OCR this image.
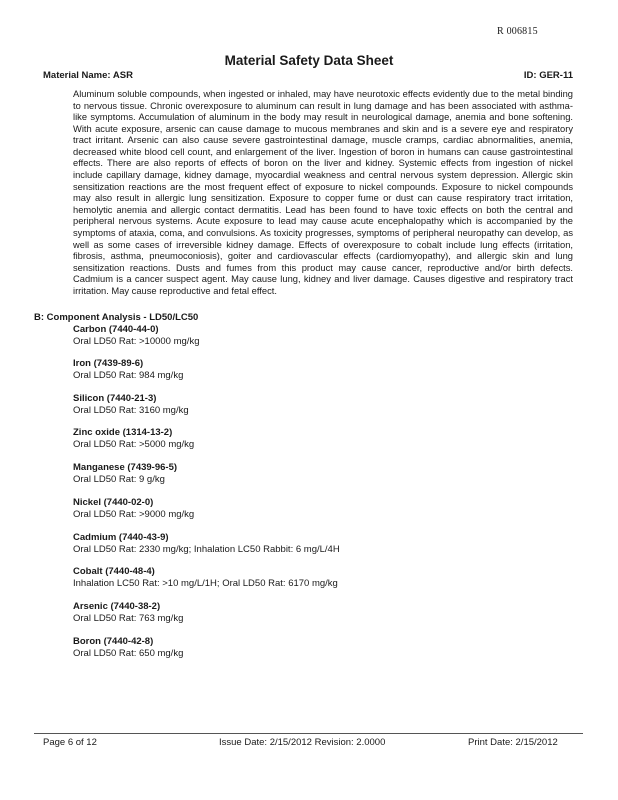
R 006815
Material Safety Data Sheet
Material Name: ASR	ID: GER-11
Aluminum soluble compounds, when ingested or inhaled, may have neurotoxic effects evidently due to the metal binding to nervous tissue. Chronic overexposure to aluminum can result in lung damage and has been associated with asthma-like symptoms. Accumulation of aluminum in the body may result in neurological damage, anemia and bone softening. With acute exposure, arsenic can cause damage to mucous membranes and skin and is a severe eye and respiratory tract irritant. Arsenic can also cause severe gastrointestinal damage, muscle cramps, cardiac abnormalities, anemia, decreased white blood cell count, and enlargement of the liver. Ingestion of boron in humans can cause gastrointestinal effects. There are also reports of effects of boron on the liver and kidney. Systemic effects from ingestion of nickel include capillary damage, kidney damage, myocardial weakness and central nervous system depression. Allergic skin sensitization reactions are the most frequent effect of exposure to nickel compounds. Exposure to nickel compounds may also result in allergic lung sensitization. Exposure to copper fume or dust can cause respiratory tract irritation, hemolytic anemia and allergic contact dermatitis. Lead has been found to have toxic effects on both the central and peripheral nervous systems. Acute exposure to lead may cause acute encephalopathy which is accompanied by the symptoms of ataxia, coma, and convulsions. As toxicity progresses, symptoms of peripheral neuropathy can develop, as well as some cases of irreversible kidney damage. Effects of overexposure to cobalt include lung effects (irritation, fibrosis, asthma, pneumoconiosis), goiter and cardiovascular effects (cardiomyopathy), and allergic skin and lung sensitization reactions. Dusts and fumes from this product may cause cancer, reproductive and/or birth defects. Cadmium is a cancer suspect agent. May cause lung, kidney and liver damage. Causes digestive and respiratory tract irritation. May cause reproductive and fetal effect.
B: Component Analysis - LD50/LC50
Carbon (7440-44-0)
Oral LD50 Rat: >10000 mg/kg
Iron (7439-89-6)
Oral LD50 Rat: 984 mg/kg
Silicon (7440-21-3)
Oral LD50 Rat: 3160 mg/kg
Zinc oxide (1314-13-2)
Oral LD50 Rat: >5000 mg/kg
Manganese (7439-96-5)
Oral LD50 Rat: 9 g/kg
Nickel (7440-02-0)
Oral LD50 Rat: >9000 mg/kg
Cadmium (7440-43-9)
Oral LD50 Rat: 2330 mg/kg; Inhalation LC50 Rabbit: 6 mg/L/4H
Cobalt (7440-48-4)
Inhalation LC50 Rat: >10 mg/L/1H; Oral LD50 Rat: 6170 mg/kg
Arsenic (7440-38-2)
Oral LD50 Rat: 763 mg/kg
Boron (7440-42-8)
Oral LD50 Rat: 650 mg/kg
Page 6 of 12	Issue Date: 2/15/2012 Revision: 2.0000	Print Date: 2/15/2012
